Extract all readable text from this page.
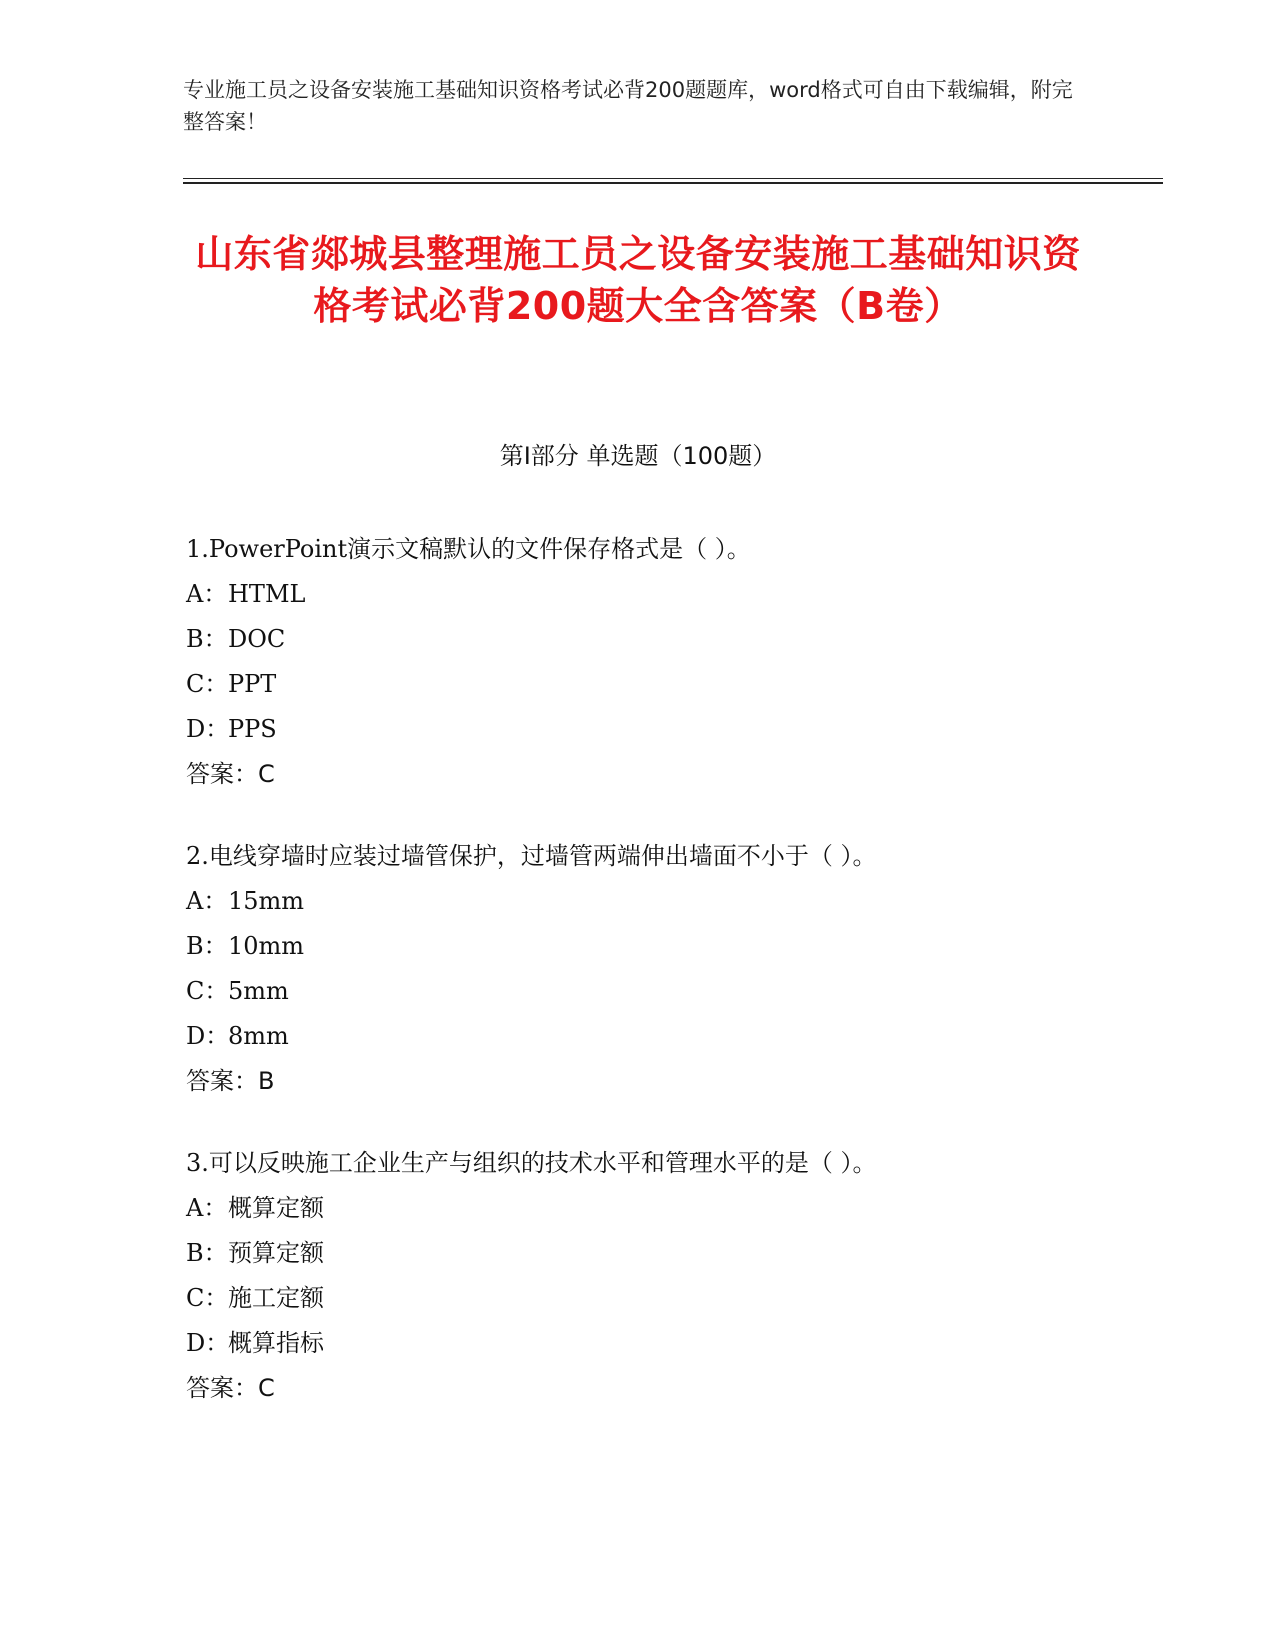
专业施工员之设备安装施工基础知识资格考试必背200题题库，word格式可自由下载编辑，附完整答案！
山东省郯城县整理施工员之设备安装施工基础知识资格考试必背200题大全含答案（B卷）
第Ⅰ部分 单选题（100题）
1.PowerPoint演示文稿默认的文件保存格式是（ ）。
A：HTML
B：DOC
C：PPT
D：PPS
答案：C
2.电线穿墙时应装过墙管保护，过墙管两端伸出墙面不小于（ ）。
A：15mm
B：10mm
C：5mm
D：8mm
答案：B
3.可以反映施工企业生产与组织的技术水平和管理水平的是（ ）。
A：概算定额
B：预算定额
C：施工定额
D：概算指标
答案：C
